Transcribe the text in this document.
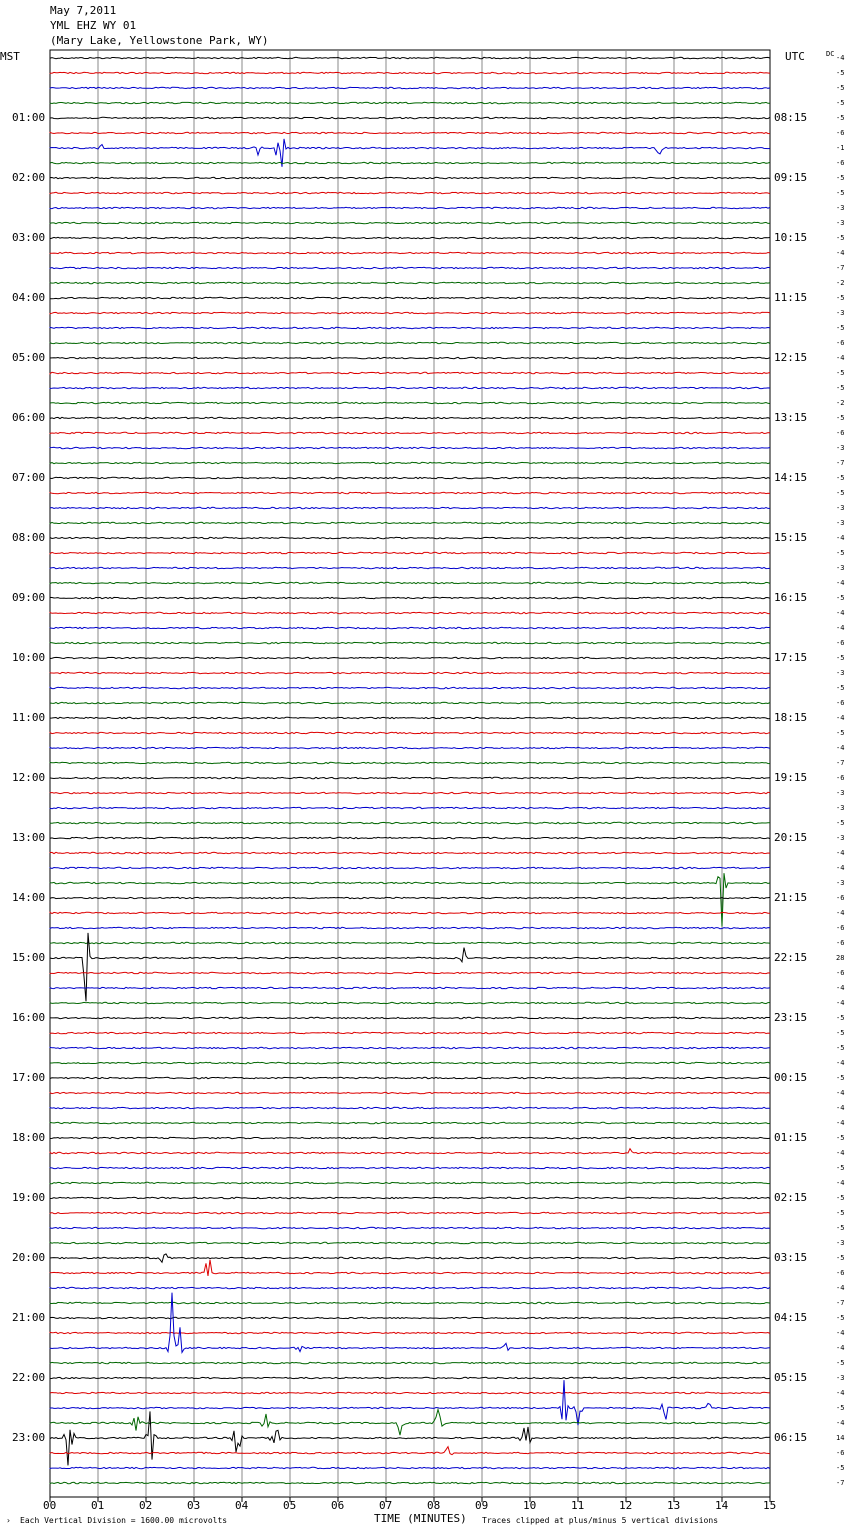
May 7,2011
YML EHZ WY 01
(Mary Lake, Yellowstone Park, WY)
MST	UTC	DC
00	01	02	03	04	05	06	07	08	09	10	11	12	13	14	15
-4
-5
-5
-5
-5
-6
-1
-6
-5
-5
-3
-3
-5
-4
-7
-2
-5
-3
-5
-6
-4
-5
-5
-2
-5
-6
-3
-7
-5
-5
-3
-3
-4
-5
-3
-4
-5
-4
-4
-6
-5
-3
-5
-6
-4
-5
-4
-7
-6
-3
-3
-5
-3
-4
-4
-3
-6
-4
-6
-6
28
-6
-4
-4
-5
-5
-5
-4
-5
-4
-4
-4
-5
-4
-5
-4
-5
-5
-5
-3
-5
-6
-4
-7
-5
-4
-4
-5
-3
-4
-5
-4
14
-6
-5
-7
01:00	08:15
02:00	09:15
03:00	10:15
04:00	11:15
05:00	12:15
06:00	13:15
07:00	14:15
08:00	15:15
09:00	16:15
10:00	17:15
11:00	18:15
12:00	19:15
13:00	20:15
14:00	21:15
15:00	22:15
16:00	23:15
17:00	00:15
18:00	01:15
19:00	02:15
20:00	03:15
21:00	04:15
22:00	05:15
23:00	06:15
› Each Vertical Division = 1600.00 microvolts	TIME (MINUTES) Traces clipped at plus/minus 5 vertical divisions
